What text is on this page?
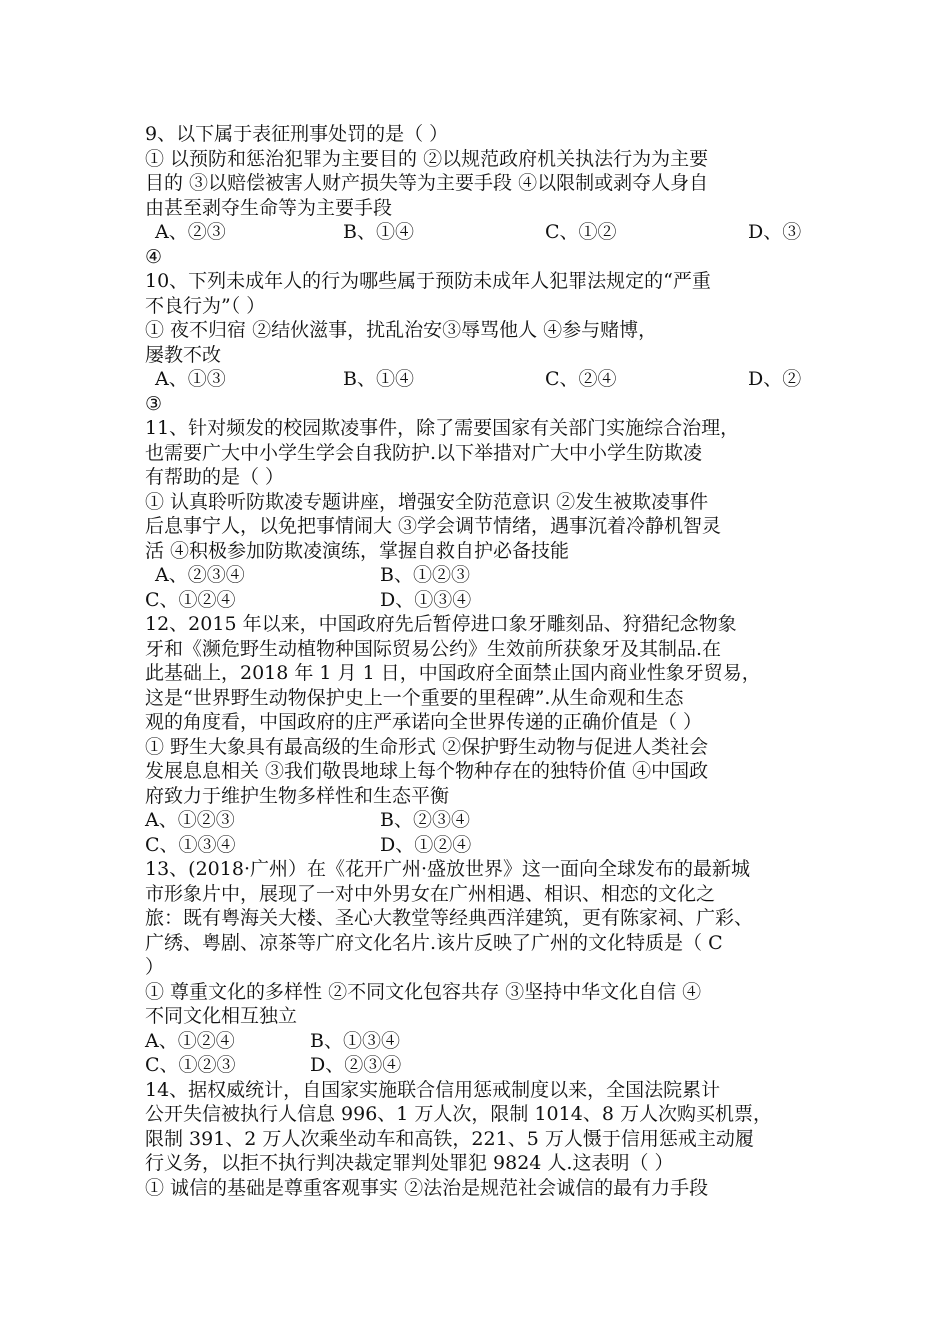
9、以下属于表征刑事处罚的是（ ）
① 以预防和惩治犯罪为主要目的 ②以规范政府机关执法行为为主要
目的 ③以赔偿被害人财产损失等为主要手段 ④以限制或剥夺人身自
由甚至剥夺生命等为主要手段
A、②③	B、①④	C、①②	D、③
④
10、下列未成年人的行为哪些属于预防未成年人犯罪法规定的“严重
不良行为”（ ）
① 夜不归宿 ②结伙滋事，扰乱治安③辱骂他人 ④参与赌博，
屡教不改
A、①③	B、①④	C、②④	D、②
③
11、针对频发的校园欺凌事件，除了需要国家有关部门实施综合治理，
也需要广大中小学生学会自我防护.以下举措对广大中小学生防欺凌
有帮助的是（ ）
① 认真聆听防欺凌专题讲座，增强安全防范意识 ②发生被欺凌事件
后息事宁人，以免把事情闹大 ③学会调节情绪，遇事沉着冷静机智灵
活 ④积极参加防欺凌演练，掌握自救自护必备技能
A、②③④	B、①②③
C、①②④	D、①③④
12、2015 年以来，中国政府先后暂停进口象牙雕刻品、狩猎纪念物象
牙和《濒危野生动植物种国际贸易公约》生效前所获象牙及其制品.在
此基础上，2018 年 1 月 1 日，中国政府全面禁止国内商业性象牙贸易，
这是“世界野生动物保护史上一个重要的里程碑”.从生命观和生态
观的角度看，中国政府的庄严承诺向全世界传递的正确价值是（ ）
① 野生大象具有最高级的生命形式 ②保护野生动物与促进人类社会
发展息息相关 ③我们敬畏地球上每个物种存在的独特价值 ④中国政
府致力于维护生物多样性和生态平衡
A、①②③	B、②③④
C、①③④	D、①②④
13、(2018·广州）在《花开广州·盛放世界》这一面向全球发布的最新城
市形象片中，展现了一对中外男女在广州相遇、相识、相恋的文化之
旅：既有粤海关大楼、圣心大教堂等经典西洋建筑，更有陈家祠、广彩、
广绣、粤剧、凉茶等广府文化名片.该片反映了广州的文化特质是（ C
）
① 尊重文化的多样性 ②不同文化包容共存 ③坚持中华文化自信 ④
不同文化相互独立
A、①②④	B、①③④
C、①②③	D、②③④
14、据权威统计，自国家实施联合信用惩戒制度以来，全国法院累计
公开失信被执行人信息 996、1 万人次，限制 1014、8 万人次购买机票，
限制 391、2 万人次乘坐动车和高铁，221、5 万人慑于信用惩戒主动履
行义务，以拒不执行判决裁定罪判处罪犯 9824 人.这表明（ ）
① 诚信的基础是尊重客观事实 ②法治是规范社会诚信的最有力手段
